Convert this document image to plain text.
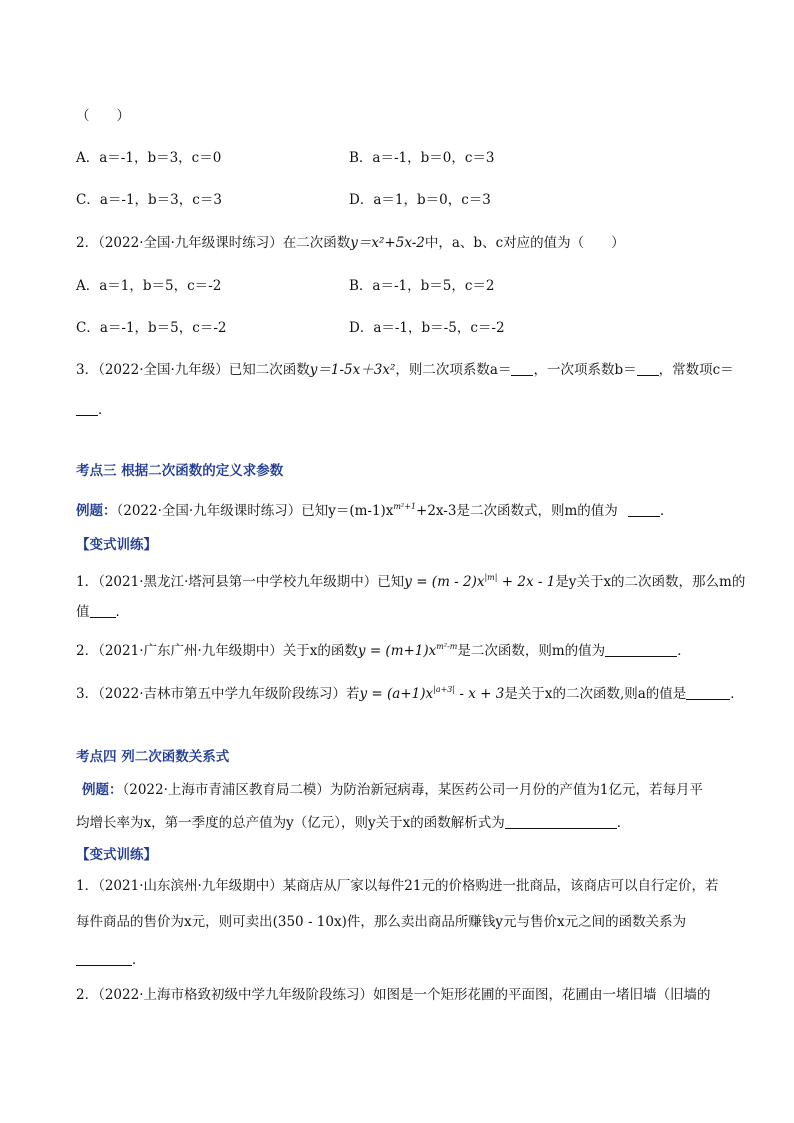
（　　）
A．a＝-1，b＝3，c＝0	B．a＝-1，b＝0，c＝3
C．a＝-1，b＝3，c＝3	D．a＝1，b＝0，c＝3
2．（2022·全国·九年级课时练习）在二次函数y＝x²+5x-2中，a、b、c对应的值为（　　）
A．a＝1，b＝5，c＝-2	B．a＝-1，b＝5，c＝2
C．a＝-1，b＝5，c＝-2	D．a＝-1，b＝-5，c＝-2
3．（2022·全国·九年级）已知二次函数y＝1-5x＋3x²，则二次项系数a＝ ，一次项系数b＝ ，常数项c＝
．
考点三 根据二次函数的定义求参数
例题：（2022·全国·九年级课时练习）已知$y=(m-1)x^{m^2+1}+2x-3$是二次函数式，则m的值为	．
【变式训练】
1．（2021·黑龙江·塔河县第一中学校九年级期中）已知$y = (m - 2)x^{|m|} + 2x - 1$是y关于x的二次函数，那么m的
值 ．
2．（2021·广东广州·九年级期中）关于x的函数$y = (m+1)x^{m^2-m}$是二次函数，则m的值为	．
3．（2022·吉林市第五中学九年级阶段练习）若$y = (a+1)x^{|a+3|} - x + 3$是关于x的二次函数,则a的值是	．
考点四 列二次函数关系式
例题：（2022·上海市青浦区教育局二模）为防治新冠病毒，某医药公司一月份的产值为1亿元，若每月平
均增长率为x，第一季度的总产值为y（亿元），则y关于x的函数解析式为	．
【变式训练】
1．（2021·山东滨州·九年级期中）某商店从厂家以每件21元的价格购进一批商品，该商店可以自行定价，若
每件商品的售价为x元，则可卖出(350 - 10x)件，那么卖出商品所赚钱y元与售价x元之间的函数关系为
．
2．（2022·上海市格致初级中学九年级阶段练习）如图是一个矩形花圃的平面图，花圃由一堵旧墙（旧墙的
